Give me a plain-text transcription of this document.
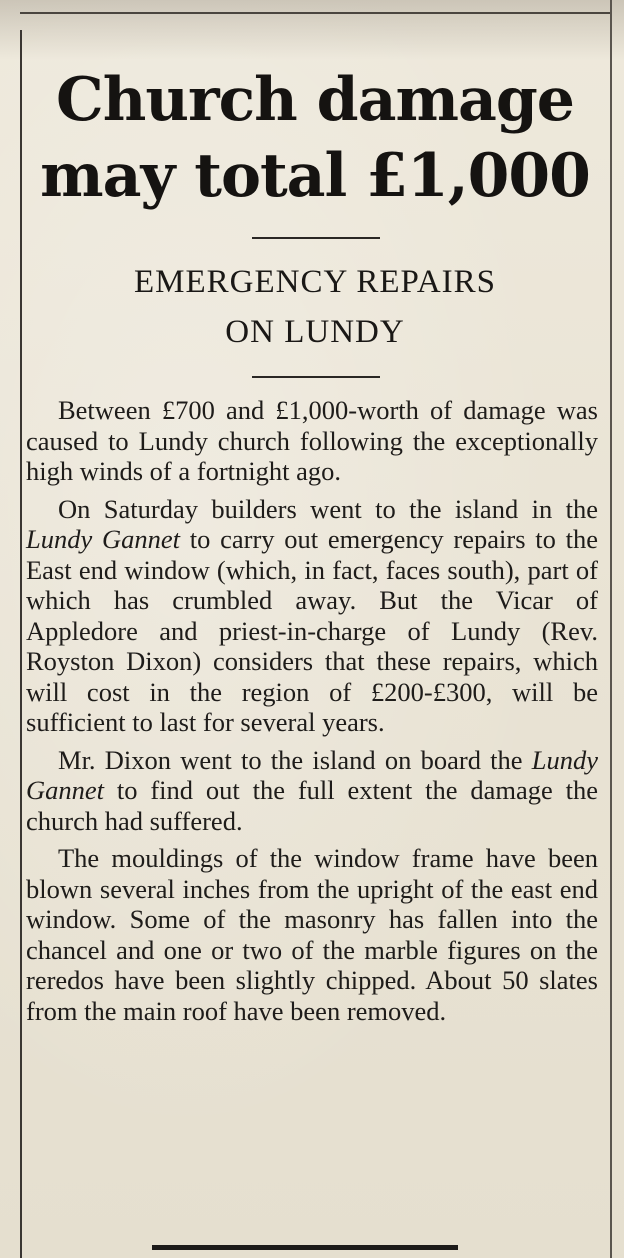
Church damage
may total £1,000
EMERGENCY REPAIRS
ON LUNDY

Between £700 and £1,000-worth of damage was caused to Lundy church following the exceptionally high winds of a fortnight ago.

On Saturday builders went to the island in the Lundy Gannet to carry out emergency repairs to the East end window (which, in fact, faces south), part of which has crumbled away. But the Vicar of Appledore and priest-in-charge of Lundy (Rev. Royston Dixon) considers that these repairs, which will cost in the region of £200-£300, will be sufficient to last for several years.

Mr. Dixon went to the island on board the Lundy Gannet to find out the full extent the damage the church had suffered.

The mouldings of the window frame have been blown several inches from the upright of the east end window. Some of the masonry has fallen into the chancel and one or two of the marble figures on the reredos have been slightly chipped. About 50 slates from the main roof have been removed.
